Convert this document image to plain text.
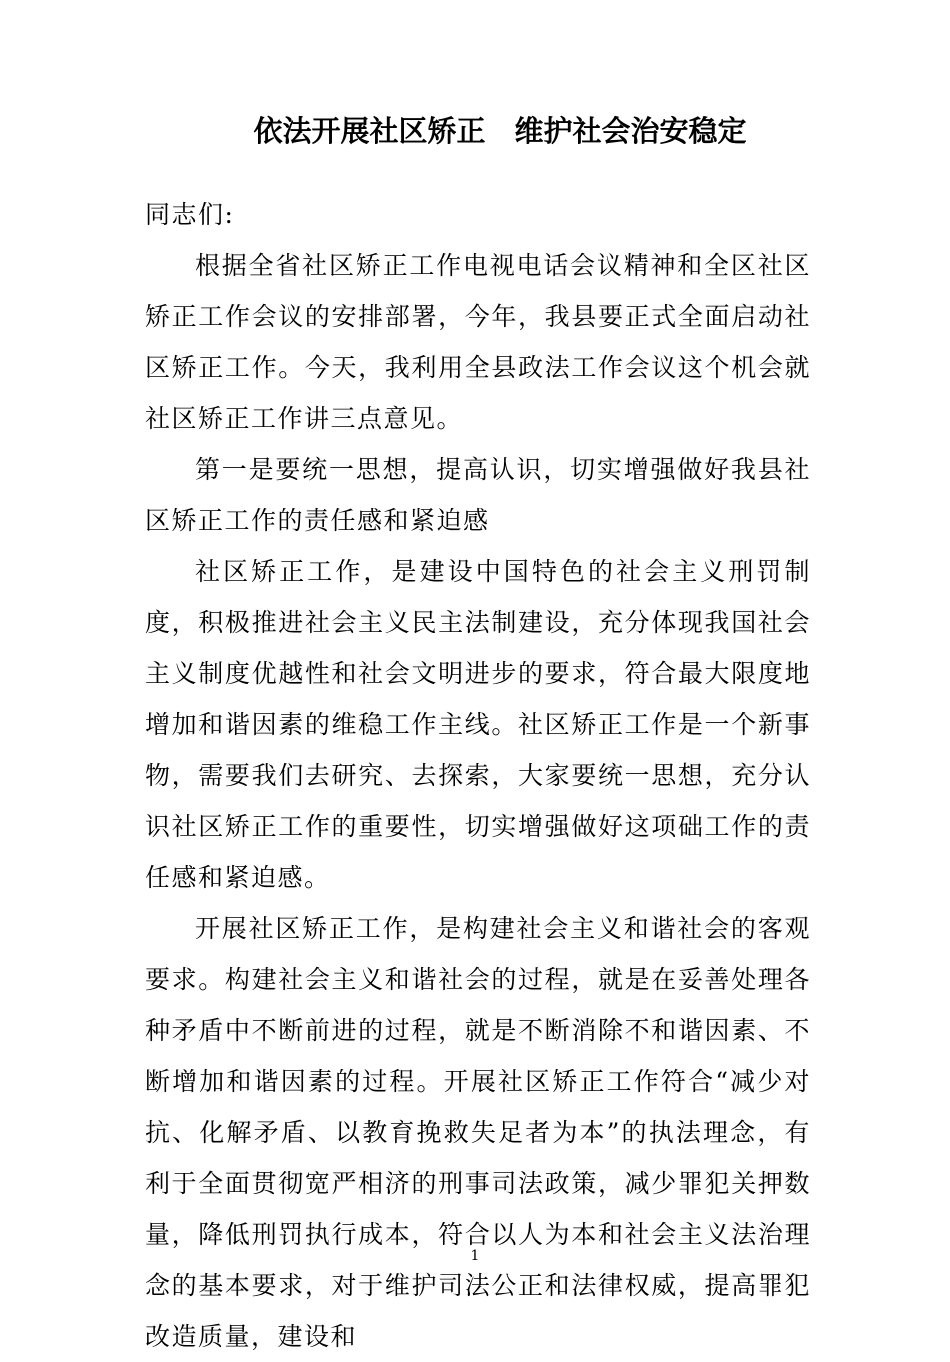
依法开展社区矫正　维护社会治安稳定

同志们:

根据全省社区矫正工作电视电话会议精神和全区社区矫正工作会议的安排部署，今年，我县要正式全面启动社区矫正工作。今天，我利用全县政法工作会议这个机会就社区矫正工作讲三点意见。

第一是要统一思想，提高认识，切实增强做好我县社区矫正工作的责任感和紧迫感

社区矫正工作，是建设中国特色的社会主义刑罚制度，积极推进社会主义民主法制建设，充分体现我国社会主义制度优越性和社会文明进步的要求，符合最大限度地增加和谐因素的维稳工作主线。社区矫正工作是一个新事物，需要我们去研究、去探索，大家要统一思想，充分认识社区矫正工作的重要性，切实增强做好这项础工作的责任感和紧迫感。

开展社区矫正工作，是构建社会主义和谐社会的客观要求。构建社会主义和谐社会的过程，就是在妥善处理各种矛盾中不断前进的过程，就是不断消除不和谐因素、不断增加和谐因素的过程。开展社区矫正工作符合“减少对抗、化解矛盾、以教育挽救失足者为本”的执法理念，有利于全面贯彻宽严相济的刑事司法政策，减少罪犯关押数量，降低刑罚执行成本，符合以人为本和社会主义法治理念的基本要求，对于维护司法公正和法律权威，提高罪犯改造质量，建设和

1
